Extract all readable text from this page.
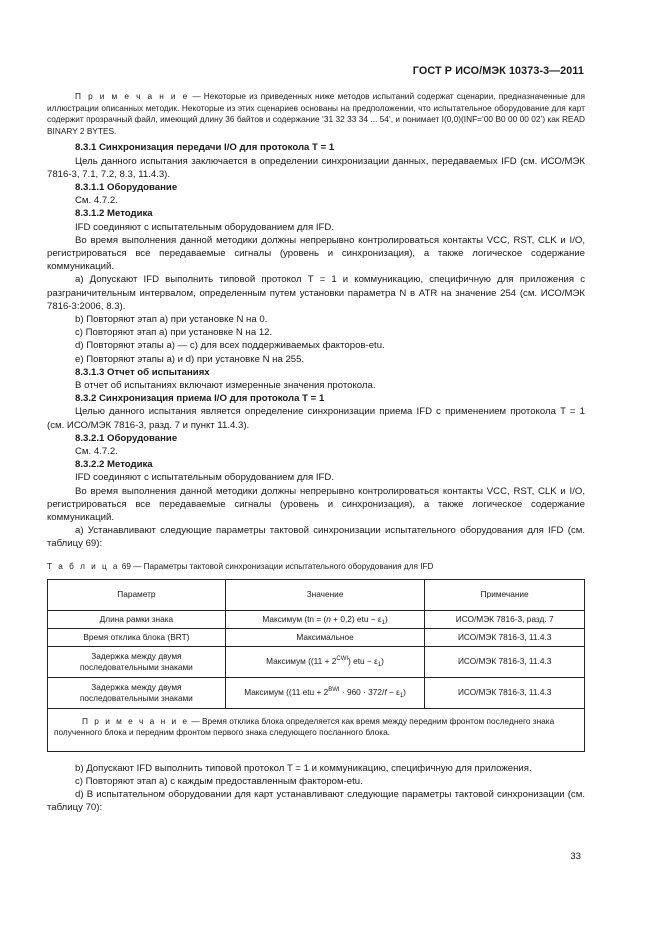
ГОСТ Р ИСО/МЭК 10373-3—2011

П р и м е ч а н и е — Некоторые из приведенных ниже методов испытаний содержат сценарии, предназначенные для иллюстрации описанных методик. Некоторые из этих сценариев основаны на предположении, что испытательное оборудование для карт содержит прозрачный файл, имеющий длину 36 байтов и содержание ‘31 32 33 34 ... 54’, и понимает I(0,0)(INF=‘00 B0 00 00 02’) как READ BINARY 2 BYTES.

8.3.1 Синхронизация передачи I/O для протокола T = 1

Цель данного испытания заключается в определении синхронизации данных, передаваемых IFD (см. ИСО/МЭК 7816-3, 7.1, 7.2, 8.3, 11.4.3).

8.3.1.1 Оборудование

См. 4.7.2.

8.3.1.2 Методика

IFD соединяют с испытательным оборудованием для IFD.

Во время выполнения данной методики должны непрерывно контролироваться контакты VCC, RST, CLK и I/O, регистрироваться все передаваемые сигналы (уровень и синхронизация), а также логическое содержание коммуникаций.

a) Допускают IFD выполнить типовой протокол T = 1 и коммуникацию, специфичную для приложения с разграничительным интервалом, определенным путем установки параметра N в ATR на значение 254 (см. ИСО/МЭК 7816-3:2006, 8.3).

b) Повторяют этап a) при установке N на 0.

c) Повторяют этап a) при установке N на 12.

d) Повторяют этапы a) — c) для всех поддерживаемых факторов-etu.

e) Повторяют этапы a) и d) при установке N на 255.

8.3.1.3 Отчет об испытаниях

В отчет об испытаниях включают измеренные значения протокола.

8.3.2 Синхронизация приема I/O для протокола T = 1

Целью данного испытания является определение синхронизации приема IFD с применением протокола T = 1 (см. ИСО/МЭК 7816-3, разд. 7 и пункт 11.4.3).

8.3.2.1 Оборудование

См. 4.7.2.

8.3.2.2 Методика

IFD соединяют с испытательным оборудованием для IFD.

Во время выполнения данной методики должны непрерывно контролироваться контакты VCC, RST, CLK и I/O, регистрироваться все передаваемые сигналы (уровень и синхронизация), а также логическое содержание коммуникаций.

a) Устанавливают следующие параметры тактовой синхронизации испытательного оборудования для IFD (см. таблицу 69):

Т а б л и ц а 69 — Параметры тактовой синхронизации испытательного оборудования для IFD

Параметр	Значение	Примечание
Длина рамки знака	Максимум (tn = (n + 0,2) etu − $\varepsilon_1$)	ИСО/МЭК 7816-3, разд. 7
Время отклика блока (BRT)	Максимальное	ИСО/МЭК 7816-3, 11.4.3
Задержка между двумя последовательными знаками	Максимум ($(11 + 2^{CWI})$ etu − $\varepsilon_1$)	ИСО/МЭК 7816-3, 11.4.3
Задержка между двумя последовательными знаками	Максимум ((11 etu + $2^{BWI} \cdot 960 \cdot 372/f - \varepsilon_1$)	ИСО/МЭК 7816-3, 11.4.3
П р и м е ч а н и е — Время отклика блока определяется как время между передним фронтом последнего знака полученного блока и передним фронтом первого знака следующего посланного блока.		

b) Допускают IFD выполнить типовой протокол T = 1 и коммуникацию, специфичную для приложения.

c) Повторяют этап a) с каждым предоставленным фактором-etu.

d) В испытательном оборудовании для карт устанавливают следующие параметры тактовой синхронизации (см. таблицу 70):

33
